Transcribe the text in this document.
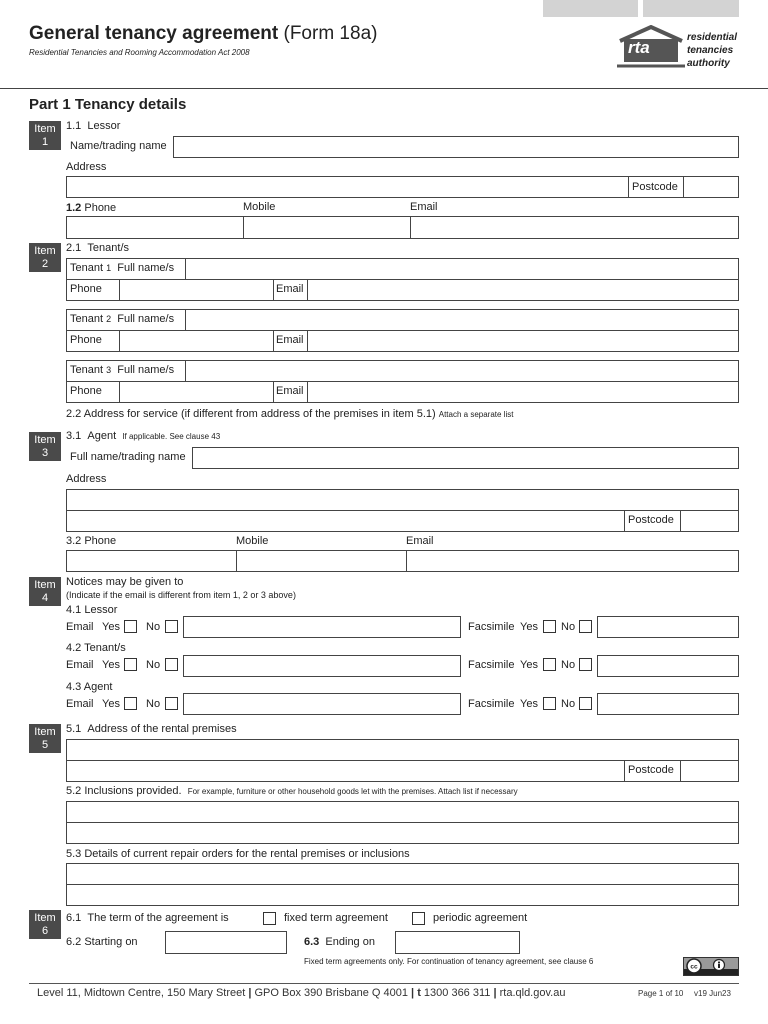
General tenancy agreement (Form 18a)
Residential Tenancies and Rooming Accommodation Act 2008	rta
residential
tenancies
authority
Part 1 Tenancy details
Item
1
1.1 Lessor
Name/trading name
Address
Postcode
1.2 Phone	Mobile	Email
Item
2
2.1 Tenant/s
Tenant 1 Full name/s
Phone	Email
Tenant 2 Full name/s
Phone	Email
Tenant 3 Full name/s
Phone	Email
2.2 Address for service (if different from address of the premises in item 5.1) Attach a separate list
Item
3
3.1 Agent If applicable. See clause 43
Full name/trading name
Address
Postcode
3.2 Phone	Mobile	Email
Item
4
Notices may be given to
(Indicate if the email is different from item 1, 2 or 3 above)
4.1 Lessor
Email Yes No	Facsimile Yes No
4.2 Tenant/s
Email Yes No	Facsimile Yes No
4.3 Agent
Email Yes No	Facsimile Yes No
Item
5
5.1 Address of the rental premises
Postcode
5.2 Inclusions provided. For example, furniture or other household goods let with the premises. Attach list if necessary
5.3 Details of current repair orders for the rental premises or inclusions
Item
6
6.1 The term of the agreement is	fixed term agreement	periodic agreement
6.2 Starting on	6.3 Ending on
Fixed term agreements only. For continuation of tenancy agreement, see clause 6
cc
Level 11, Midtown Centre, 150 Mary Street | GPO Box 390 Brisbane Q 4001 | t 1300 366 311 | rta.qld.gov.au	Page 1 of 10 v19 Jun23
